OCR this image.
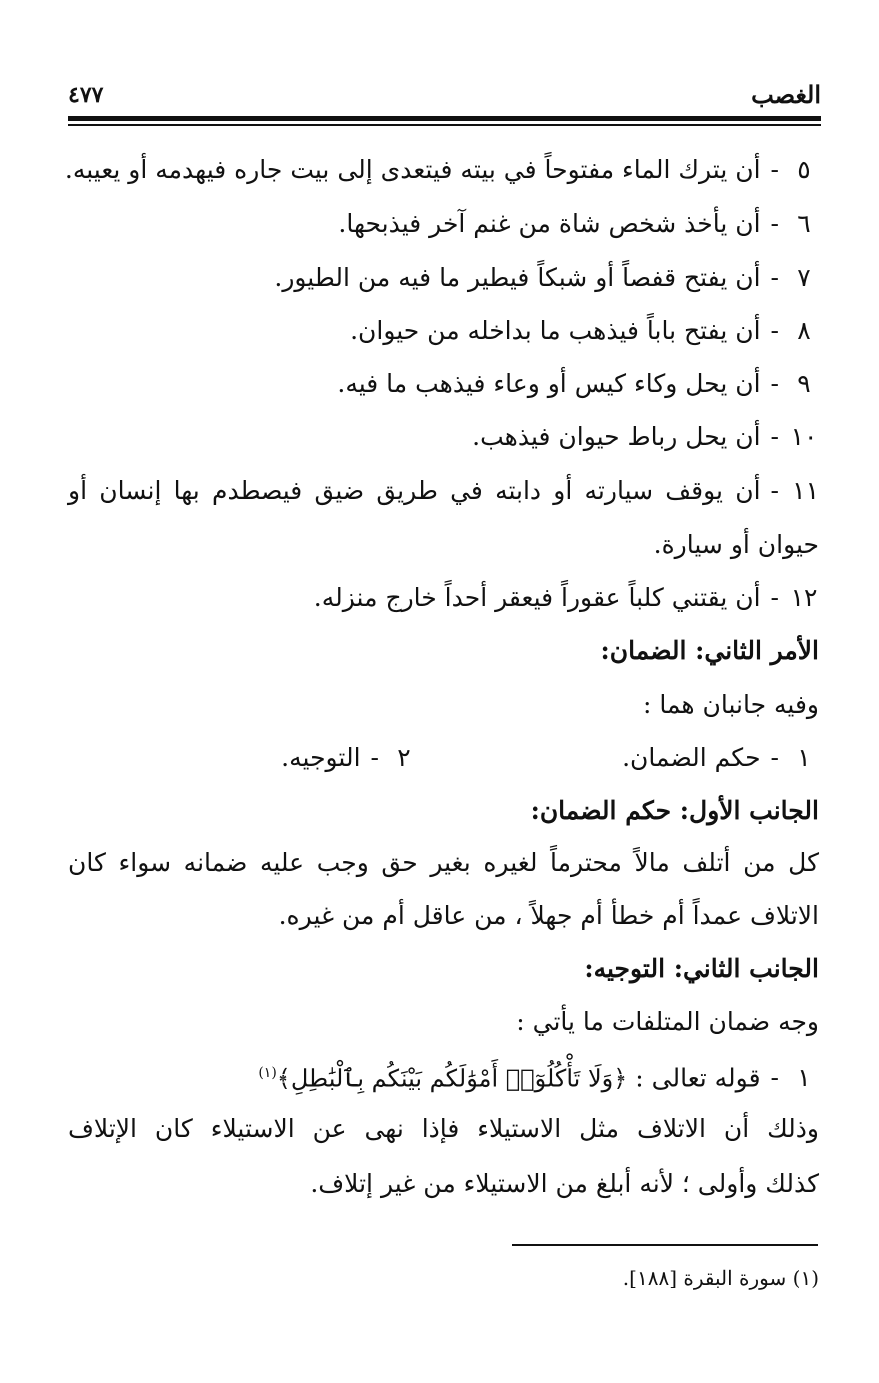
الغصب
٤٧٧
٥-أن يترك الماء مفتوحاً في بيته فيتعدى إلى بيت جاره فيهدمه أو يعيبه.
٦-أن يأخذ شخص شاة من غنم آخر فيذبحها.
٧-أن يفتح قفصاً أو شبكاً فيطير ما فيه من الطيور.
٨-أن يفتح باباً فيذهب ما بداخله من حيوان.
٩-أن يحل وكاء كيس أو وعاء فيذهب ما فيه.
١٠-أن يحل رباط حيوان فيذهب.
١١-أن يوقف سيارته أو دابته في طريق ضيق فيصطدم بها إنسان أو
حيوان أو سيارة.
١٢-أن يقتني كلباً عقوراً فيعقر أحداً خارج منزله.
الأمر الثاني: الضمان:
وفيه جانبان هما :
١-حكم الضمان.
٢-التوجيه.
الجانب الأول: حكم الضمان:
كل من أتلف مالاً محترماً لغيره بغير حق وجب عليه ضمانه سواء كان
الاتلاف عمداً أم خطأ أم جهلاً ، من عاقل أم من غيره.
الجانب الثاني: التوجيه:
وجه ضمان المتلفات ما يأتي :
١-قوله تعالى : ﴿وَلَا تَأْكُلُوٓا۟ أَمْوَٰلَكُم بَيْنَكُم بِٱلْبَٰطِلِ﴾$^{(١)}$
وذلك أن الاتلاف مثل الاستيلاء فإذا نهى عن الاستيلاء كان الإتلاف
كذلك وأولى ؛ لأنه أبلغ من الاستيلاء من غير إتلاف.
(١) سورة البقرة [١٨٨].
